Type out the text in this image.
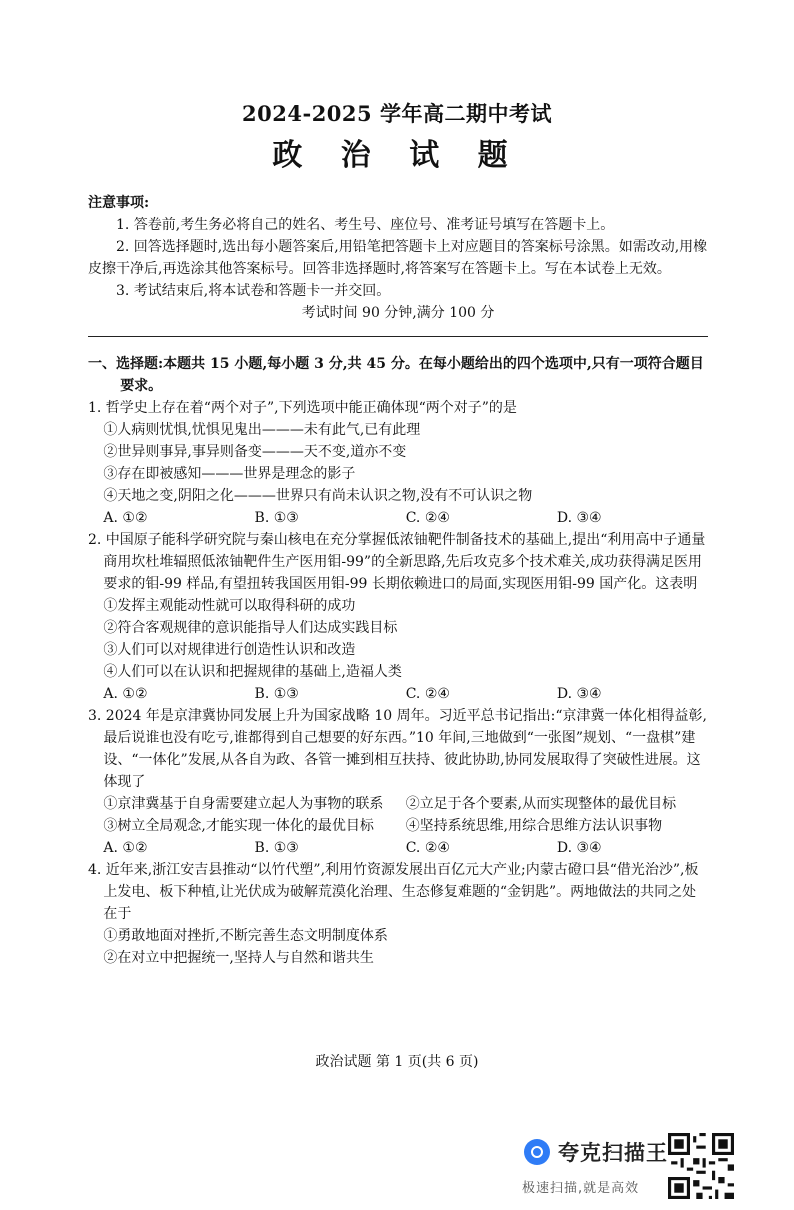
2024-2025 学年高二期中考试
政 治 试 题
注意事项:
1. 答卷前,考生务必将自己的姓名、考生号、座位号、准考证号填写在答题卡上。
2. 回答选择题时,选出每小题答案后,用铅笔把答题卡上对应题目的答案标号涂黑。如需改动,用橡皮擦干净后,再选涂其他答案标号。回答非选择题时,将答案写在答题卡上。写在本试卷上无效。
3. 考试结束后,将本试卷和答题卡一并交回。
考试时间 90 分钟,满分 100 分
一、选择题:本题共 15 小题,每小题 3 分,共 45 分。在每小题给出的四个选项中,只有一项符合题目要求。
1. 哲学史上存在着“两个对子”,下列选项中能正确体现“两个对子”的是
①人病则忧惧,忧惧见鬼出———未有此气,已有此理
②世异则事异,事异则备变———天不变,道亦不变
③存在即被感知———世界是理念的影子
④天地之变,阴阳之化———世界只有尚未认识之物,没有不可认识之物
A. ①②	B. ①③	C. ②④	D. ③④
2. 中国原子能科学研究院与秦山核电在充分掌握低浓铀靶件制备技术的基础上,提出“利用高中子通量商用坎杜堆辐照低浓铀靶件生产医用钼-99”的全新思路,先后攻克多个技术难关,成功获得满足医用要求的钼-99 样品,有望扭转我国医用钼-99 长期依赖进口的局面,实现医用钼-99 国产化。这表明
①发挥主观能动性就可以取得科研的成功
②符合客观规律的意识能指导人们达成实践目标
③人们可以对规律进行创造性认识和改造
④人们可以在认识和把握规律的基础上,造福人类
A. ①②	B. ①③	C. ②④	D. ③④
3. 2024 年是京津冀协同发展上升为国家战略 10 周年。习近平总书记指出:“京津冀一体化相得益彰,最后说谁也没有吃亏,谁都得到自己想要的好东西。”10 年间,三地做到“一张图”规划、“一盘棋”建设、“一体化”发展,从各自为政、各管一摊到相互扶持、彼此协助,协同发展取得了突破性进展。这体现了
①京津冀基于自身需要建立起人为事物的联系	②立足于各个要素,从而实现整体的最优目标
③树立全局观念,才能实现一体化的最优目标	④坚持系统思维,用综合思维方法认识事物
A. ①②	B. ①③	C. ②④	D. ③④
4. 近年来,浙江安吉县推动“以竹代塑”,利用竹资源发展出百亿元大产业;内蒙古磴口县“借光治沙”,板上发电、板下种植,让光伏成为破解荒漠化治理、生态修复难题的“金钥匙”。两地做法的共同之处在于
①勇敢地面对挫折,不断完善生态文明制度体系
②在对立中把握统一,坚持人与自然和谐共生
政治试题 第 1 页(共 6 页)
夸克扫描王
极速扫描,就是高效
